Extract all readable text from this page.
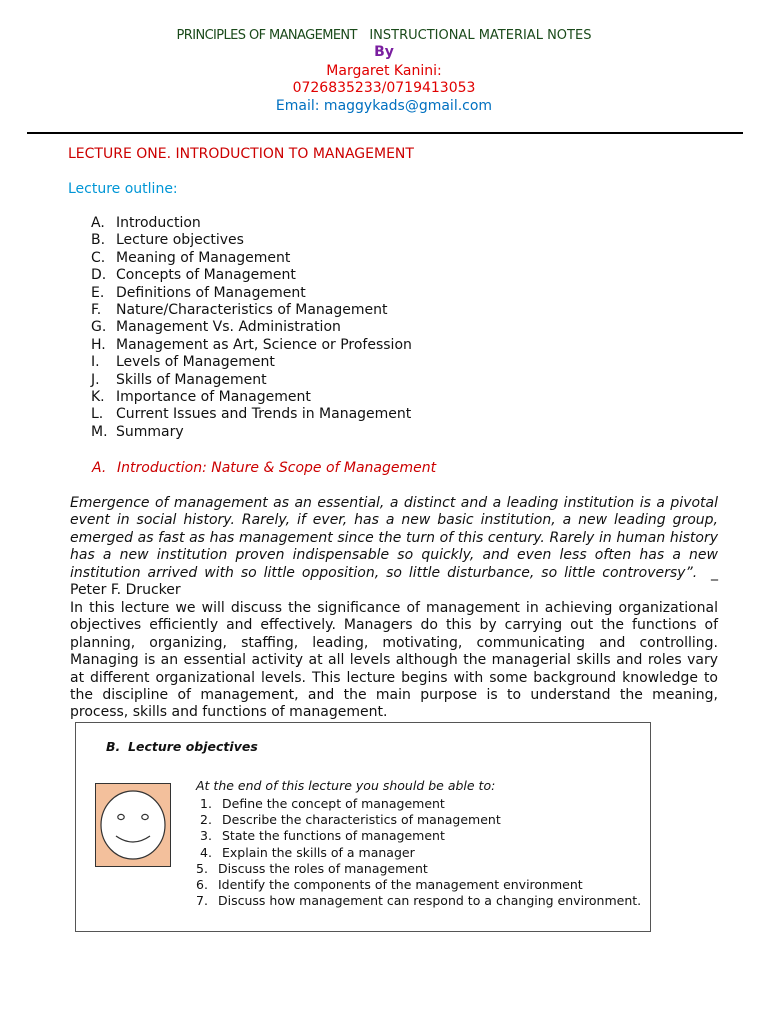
PRINCIPLES OF MANAGEMENT INSTRUCTIONAL MATERIAL NOTES
By
Margaret Kanini:
0726835233/0719413053
Email: maggykads@gmail.com
LECTURE ONE. INTRODUCTION TO MANAGEMENT
Lecture outline:
A. Introduction
B. Lecture objectives
C. Meaning of Management
D. Concepts of Management
E. Definitions of Management
F. Nature/Characteristics of Management
G. Management Vs. Administration
H. Management as Art, Science or Profession
I. Levels of Management
J. Skills of Management
K. Importance of Management
L. Current Issues and Trends in Management
M. Summary
A. Introduction: Nature & Scope of Management
Emergence of management as an essential, a distinct and a leading institution is a pivotal event in social history. Rarely, if ever, has a new basic institution, a new leading group, emerged as fast as has management since the turn of this century. Rarely in human history has a new institution proven indispensable so quickly, and even less often has a new institution arrived with so little opposition, so little disturbance, so little controversy”. _ Peter F. Drucker
In this lecture we will discuss the significance of management in achieving organizational objectives efficiently and effectively. Managers do this by carrying out the functions of planning, organizing, staffing, leading, motivating, communicating and controlling. Managing is an essential activity at all levels although the managerial skills and roles vary at different organizational levels. This lecture begins with some background knowledge to the discipline of management, and the main purpose is to understand the meaning, process, skills and functions of management.
B. Lecture objectives
At the end of this lecture you should be able to:
1. Define the concept of management
2. Describe the characteristics of management
3. State the functions of management
4. Explain the skills of a manager
5. Discuss the roles of management
6. Identify the components of the management environment
7. Discuss how management can respond to a changing environment.
